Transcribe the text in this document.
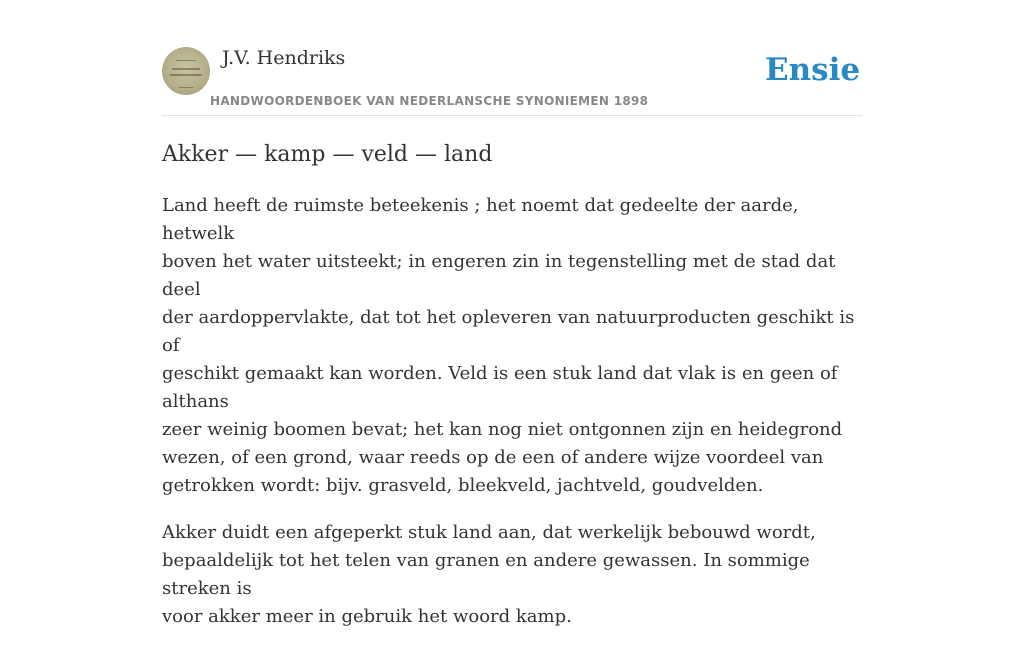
J.V. Hendriks
HANDWOORDENBOEK VAN NEDERLANSCHE SYNONIEMEN 1898
Ensie
Akker — kamp — veld — land

Land heeft de ruimste beteekenis ; het noemt dat gedeelte der aarde, hetwelk
boven het water uitsteekt; in engeren zin in tegenstelling met de stad dat deel
der aardoppervlakte, dat tot het opleveren van natuurproducten geschikt is of
geschikt gemaakt kan worden. Veld is een stuk land dat vlak is en geen of althans
zeer weinig boomen bevat; het kan nog niet ontgonnen zijn en heidegrond
wezen, of een grond, waar reeds op de een of andere wijze voordeel van
getrokken wordt: bijv. grasveld, bleekveld, jachtveld, goudvelden.

Akker duidt een afgeperkt stuk land aan, dat werkelijk bebouwd wordt,
bepaaldelijk tot het telen van granen en andere gewassen. In sommige streken is
voor akker meer in gebruik het woord kamp.
